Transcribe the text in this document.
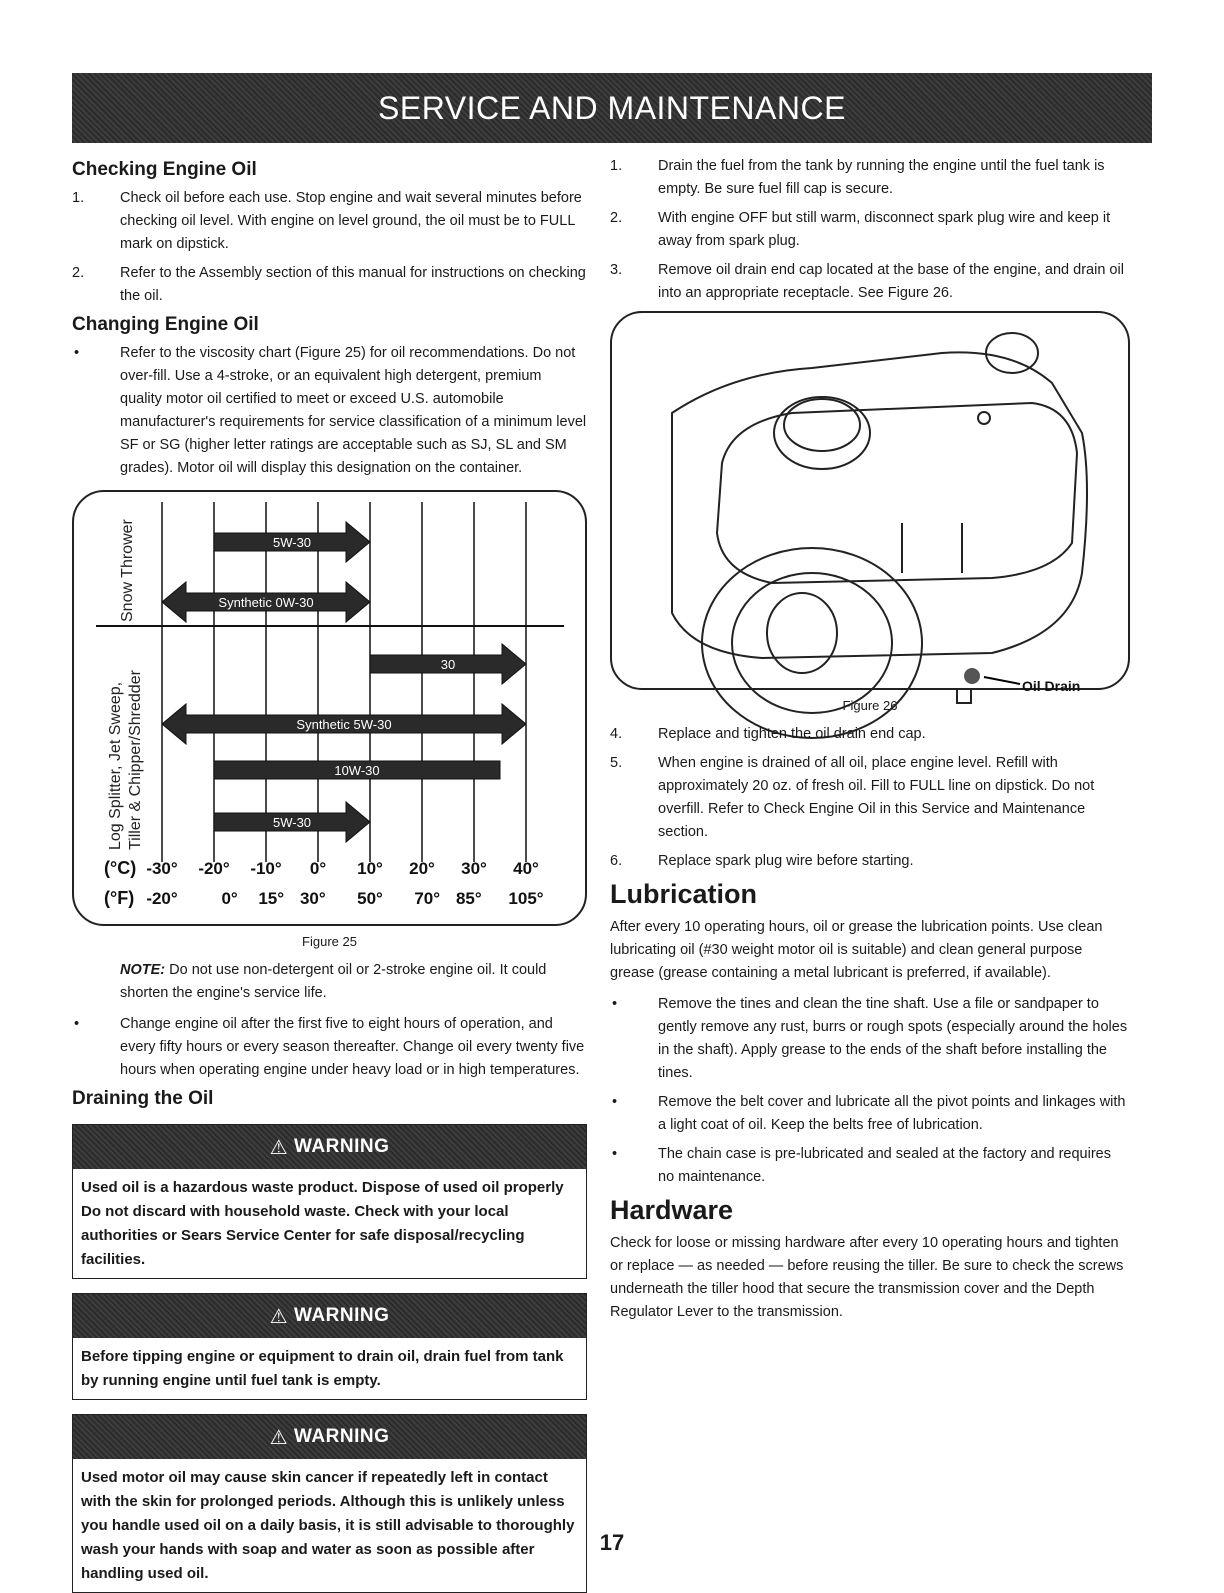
SERVICE AND MAINTENANCE
Checking Engine Oil
1. Check oil before each use. Stop engine and wait several minutes before checking oil level. With engine on level ground, the oil must be to FULL mark on dipstick.
2. Refer to the Assembly section of this manual for instructions on checking the oil.
Changing Engine Oil
•	Refer to the viscosity chart (Figure 25) for oil recommendations. Do not over-fill. Use a 4-stroke, or an equivalent high detergent, premium quality motor oil certified to meet or exceed U.S. automobile manufacturer's requirements for service classification of a minimum level SF or SG (higher letter ratings are acceptable such as SJ, SL and SM grades). Motor oil will display this designation on the container.
Snow Thrower
Log Splitter, Jet Sweep, Tiller & Chipper/Shredder
5W-30
Synthetic 0W-30
30
Synthetic 5W-30
10W-30
5W-30
(°C)
(°F)
-30° -20° -10° 0° 10° 20° 30° 40°
-20°	0° 15° 30° 50° 70° 85° 105°
Figure 25

NOTE: Do not use non-detergent oil or 2-stroke engine oil. It could shorten the engine's service life.

•	Change engine oil after the first five to eight hours of operation, and every fifty hours or every season thereafter. Change oil every twenty five hours when operating engine under heavy load or in high temperatures.
Draining the Oil
⚠ WARNING
Used oil is a hazardous waste product. Dispose of used oil properly Do not discard with household waste. Check with your local authorities or Sears Service Center for safe disposal/recycling facilities.
⚠ WARNING
Before tipping engine or equipment to drain oil, drain fuel from tank by running engine until fuel tank is empty.
⚠ WARNING
Used motor oil may cause skin cancer if repeatedly left in contact with the skin for prolonged periods. Although this is unlikely unless you handle used oil on a daily basis, it is still advisable to thoroughly wash your hands with soap and water as soon as possible after handling used oil.
1. Drain the fuel from the tank by running the engine until the fuel tank is empty. Be sure fuel fill cap is secure.
2. With engine OFF but still warm, disconnect spark plug wire and keep it away from spark plug.
3. Remove oil drain end cap located at the base of the engine, and drain oil into an appropriate receptacle. See Figure 26.
Oil Drain
Figure 26
4. Replace and tighten the oil drain end cap.
5. When engine is drained of all oil, place engine level. Refill with approximately 20 oz. of fresh oil. Fill to FULL line on dipstick. Do not overfill. Refer to Check Engine Oil in this Service and Maintenance section.
6. Replace spark plug wire before starting.
Lubrication

After every 10 operating hours, oil or grease the lubrication points. Use clean lubricating oil (#30 weight motor oil is suitable) and clean general purpose grease (grease containing a metal lubricant is preferred, if available).

•	Remove the tines and clean the tine shaft. Use a file or sandpaper to gently remove any rust, burrs or rough spots (especially around the holes in the shaft). Apply grease to the ends of the shaft before installing the tines.
•	Remove the belt cover and lubricate all the pivot points and linkages with a light coat of oil. Keep the belts free of lubrication.
•	The chain case is pre-lubricated and sealed at the factory and requires no maintenance.
Hardware

Check for loose or missing hardware after every 10 operating hours and tighten or replace — as needed — before reusing the tiller. Be sure to check the screws underneath the tiller hood that secure the transmission cover and the Depth Regulator Lever to the transmission.

17
